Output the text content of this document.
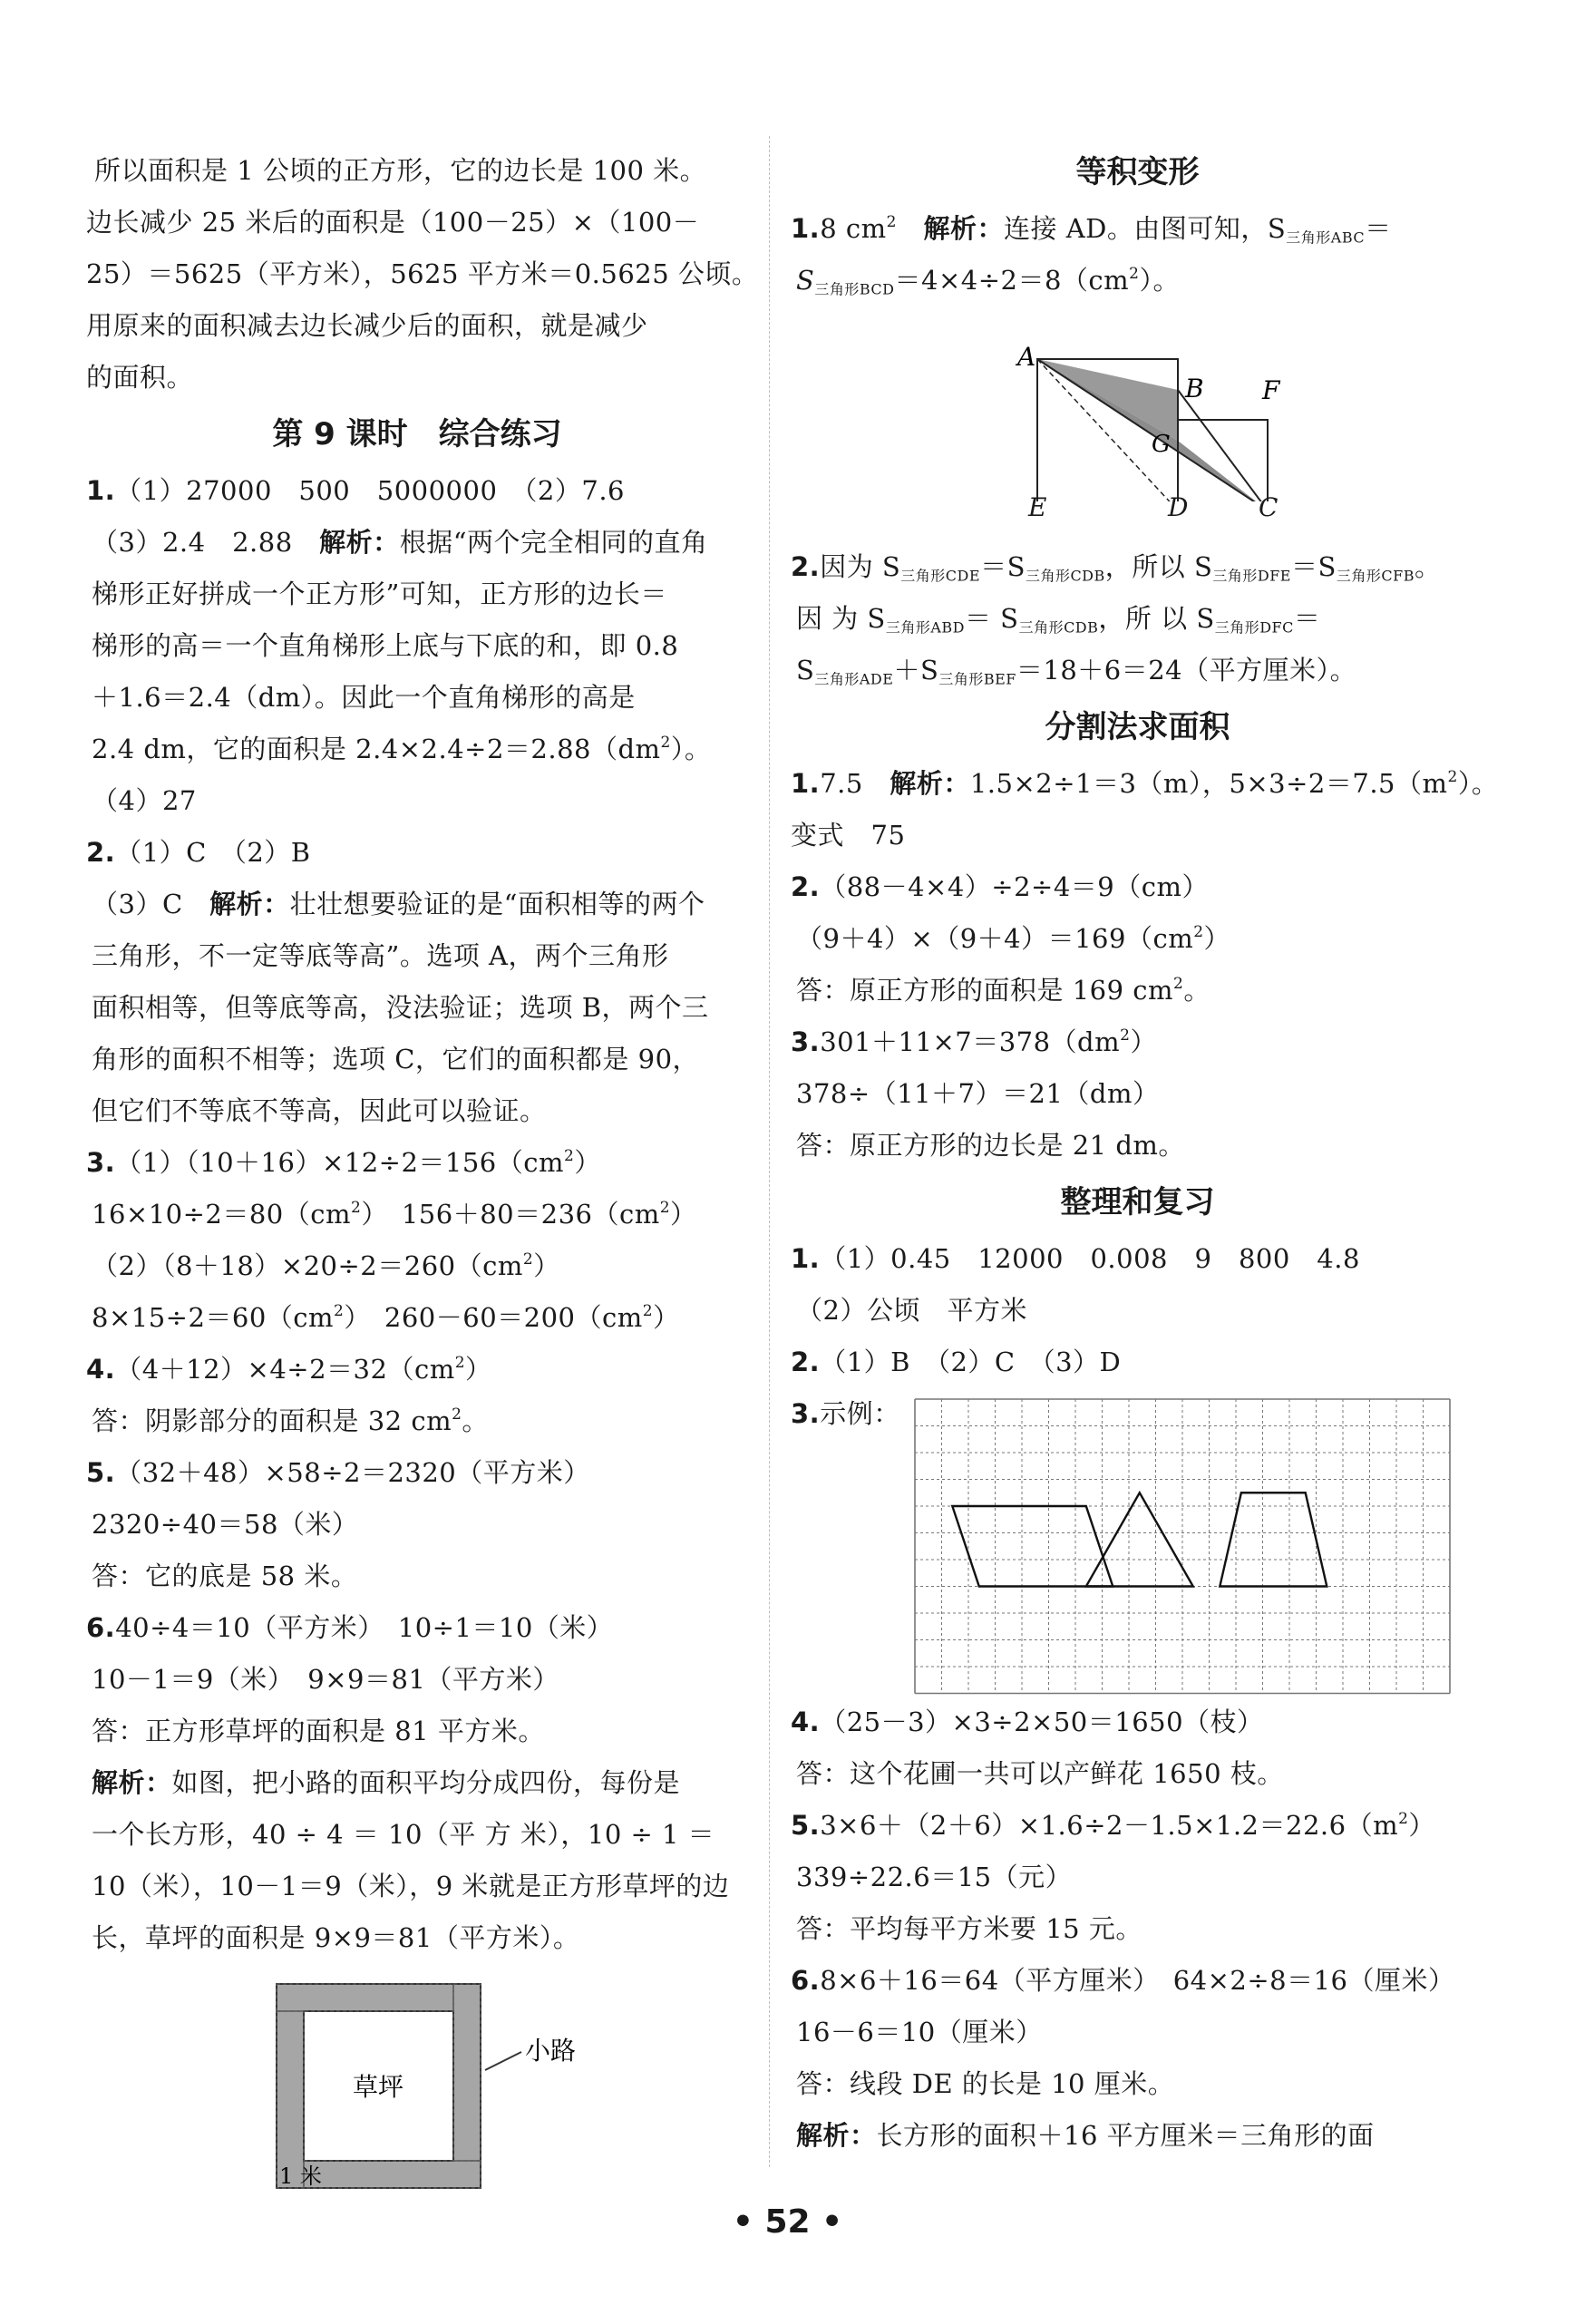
所以面积是 1 公顷的正方形，它的边长是 100 米。
边长减少 25 米后的面积是（100－25）×（100－
25）＝5625（平方米），5625 平方米＝0.5625 公顷。
用原来的面积减去边长减少后的面积，就是减少
的面积。
第 9 课时　综合练习
1.（1）27000　500　5000000　（2）7.6
（3）2.4　2.88　 解析：根据“两个完全相同的直角
梯形正好拼成一个正方形”可知，正方形的边长＝
梯形的高＝一个直角梯形上底与下底的和，即 0.8
＋1.6＝2.4（dm）。因此一个直角梯形的高是
2.4 dm，它的面积是 $2.4\times 2.4\div 2=2.88(dm^2)$。
（4）27
2.（1）C　（2）B
（3）C　 解析：壮壮想要验证的是“面积相等的两个
三角形，不一定等底等高”。选项 A，两个三角形
面积相等，但等底等高，没法验证；选项 B，两个三
角形的面积不相等；选项 C，它们的面积都是 90，
但它们不等底不等高，因此可以验证。
$3.(1)(10+16)\times 12\div 2=156(cm^2)$
$16\times 10\div 2=80(cm^2)$　 $156+80=236(cm^2)$
$(2)(8+18)\times 20\div 2=260(cm^2)$
$8\times 15\div 2=60(cm^2)$　 $260-60=200(cm^2)$
$4.(4+12)\times 4\div 2=32(cm^2)$
答：阴影部分的面积是 32 $cm^2$。
5.（32＋48）×58÷2＝2320（平方米）
2320÷40＝58（米）
答：它的底是 58 米。
6.40÷4＝10（平方米）　10÷1＝10（米）
10－1＝9（米）　9×9＝81（平方米）
答：正方形草坪的面积是 81 平方米。
解析：如图，把小路的面积平均分成四份，每份是
一个长方形，40 ÷ 4 ＝ 10（平 方 米），10 ÷ 1 ＝
10（米），10－1＝9（米），9 米就是正方形草坪的边
长，草坪的面积是 9×9＝81（平方米）。
草坪
小路
1 米
等积变形
1.8 $cm^2$　 解析：连接 AD。由图可知，$S_{三角形ABC}=$
$S_{三角形BCD}=4\times 4\div 2=8(cm^2)$。
A
B F
G
E	D	C
2.因为 $S_{三角形CDE}=S_{三角形CDB}$，所以 $S_{三角形DFE}=S_{三角形CFB}$。
因 为 $S_{三角形ABD}= S_{三角形CDB}$，所 以 $S_{三角形DFC}=$
$S_{三角形ADE}+S_{三角形BEF}=18+6=24$（平方厘米）。
分割法求面积
1.7.5　 解析：1.5×2÷1＝3（m），$5\times 3\div 2=7.5(m^2)$。
变式　75
2.（88－4×4）÷2÷4＝9（cm）
$(9+4)\times(9+4)=169(cm^2)$
答：原正方形的面积是 169 $cm^2$。
$3.301+11\times 7=378(dm^2)$
378÷（11＋7）＝21（dm）
答：原正方形的边长是 21 dm。
整理和复习
1.（1）0.45　12000　0.008　9　800　4.8
（2）公顷　平方米
2.（1）B　（2）C　（3）D
3.示例：
4.（25－3）×3÷2×50＝1650（枝）
答：这个花圃一共可以产鲜花 1650 枝。
$5.3\times 6+(2+6)\times 1.6\div 2-1.5\times 1.2=22.6(m^2)$
339÷22.6＝15（元）
答：平均每平方米要 15 元。
6.8×6＋16＝64（平方厘米）　64×2÷8＝16（厘米）
16－6＝10（厘米）
答：线段 DE 的长是 10 厘米。
解析：长方形的面积＋16 平方厘米＝三角形的面
• 52 •
